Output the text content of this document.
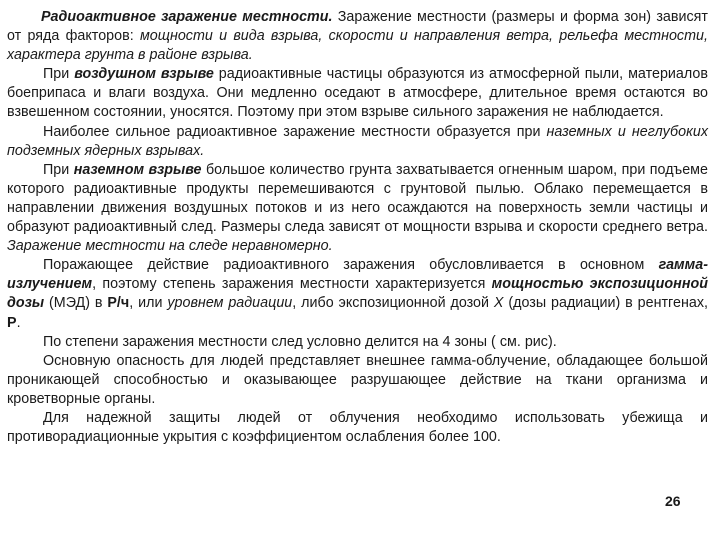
Радиоактивное заражение местности. Заражение местности (размеры и форма зон) зависят от ряда факторов: мощности и вида взрыва, скорости и направления ветра, рельефа местности, характера грунта в районе взрыва.

При воздушном взрыве радиоактивные частицы образуются из атмосферной пыли, материалов боеприпаса и влаги воздуха. Они медленно оседают в атмосфере, длительное время остаются во взвешенном состоянии, уносятся. Поэтому при этом взрыве сильного заражения не наблюдается.

Наиболее сильное радиоактивное заражение местности образуется при наземных и неглубоких подземных ядерных взрывах.

При наземном взрыве большое количество грунта захватывается огненным шаром, при подъеме которого радиоактивные продукты перемешиваются с грунтовой пылью. Облако перемещается в направлении движения воздушных потоков и из него осаждаются на поверхность земли частицы и образуют радиоактивный след. Размеры следа зависят от мощности взрыва и скорости среднего ветра. Заражение местности на следе неравномерно.

Поражающее действие радиоактивного заражения обусловливается в основном гамма-излучением, поэтому степень заражения местности характеризуется мощностью экспозиционной дозы (МЭД) в Р/ч, или уровнем радиации, либо экспозиционной дозой Х (дозы радиации) в рентгенах, Р.

По степени заражения местности след условно делится на 4 зоны ( см. рис).

Основную опасность для людей представляет внешнее гамма-облучение, обладающее большой проникающей способностью и оказывающее разрушающее действие на ткани организма и кроветворные органы.

Для надежной защиты людей от облучения необходимо использовать убежища и противорадиационные укрытия с коэффициентом ослабления более 100.

26
